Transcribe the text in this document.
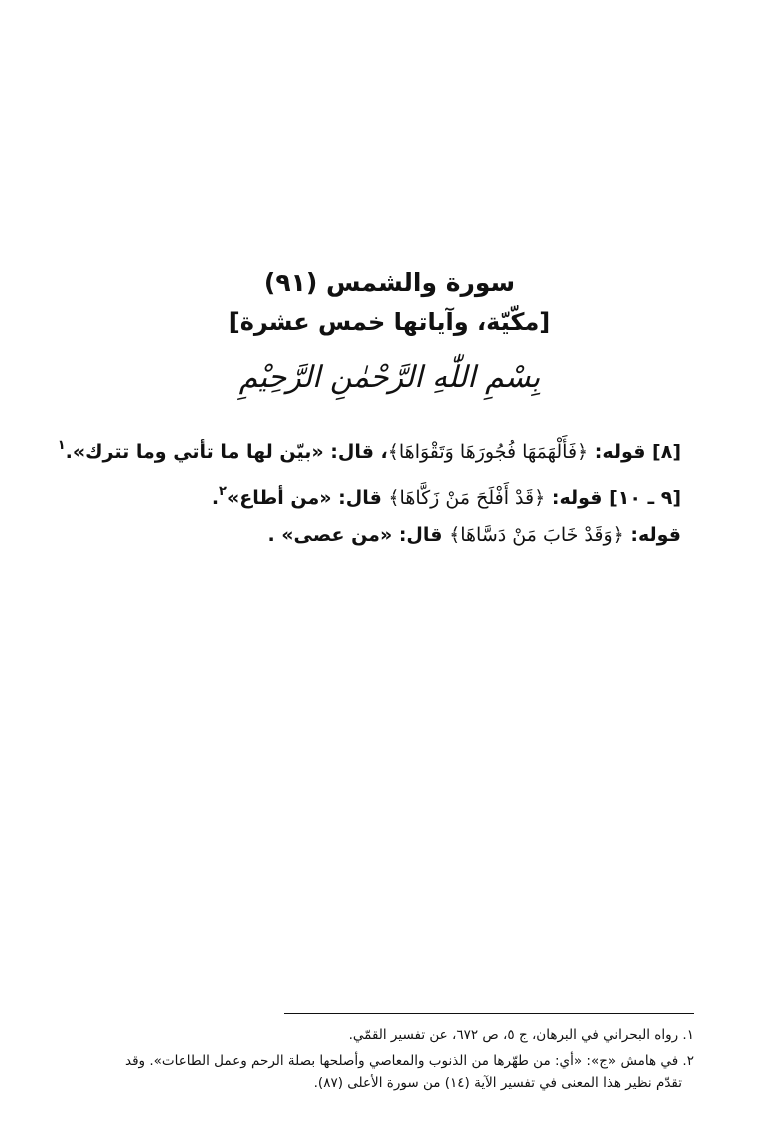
سورة والشمس (٩١)
[مكّيّة، وآياتها خمس عشرة]
بِسْمِ اللّٰهِ الرَّحْمٰنِ الرَّحِيْمِ

[٨] قوله: ﴿فَأَلْهَمَهَا فُجُورَهَا وَتَقْوَاهَا﴾، قال: «بيّن لها ما تأتي وما تترك».$^١$

[٩ ـ ١٠] قوله: ﴿قَدْ أَفْلَحَ مَنْ زَكَّاهَا﴾ قال: «من أطاع»$^٢$.

قوله: ﴿وَقَدْ خَابَ مَنْ دَسَّاهَا﴾ قال: «من عصى» .

١. رواه البحراني في البرهان، ج ٥، ص ٦٧٢، عن تفسير القمّي.

٢. في هامش «ج»: «أي: من طهّرها من الذنوب والمعاصي وأصلحها بصلة الرحم وعمل الطاعات». وقد
تقدّم نظير هذا المعنى في تفسير الآية (١٤) من سورة الأعلى (٨٧).
